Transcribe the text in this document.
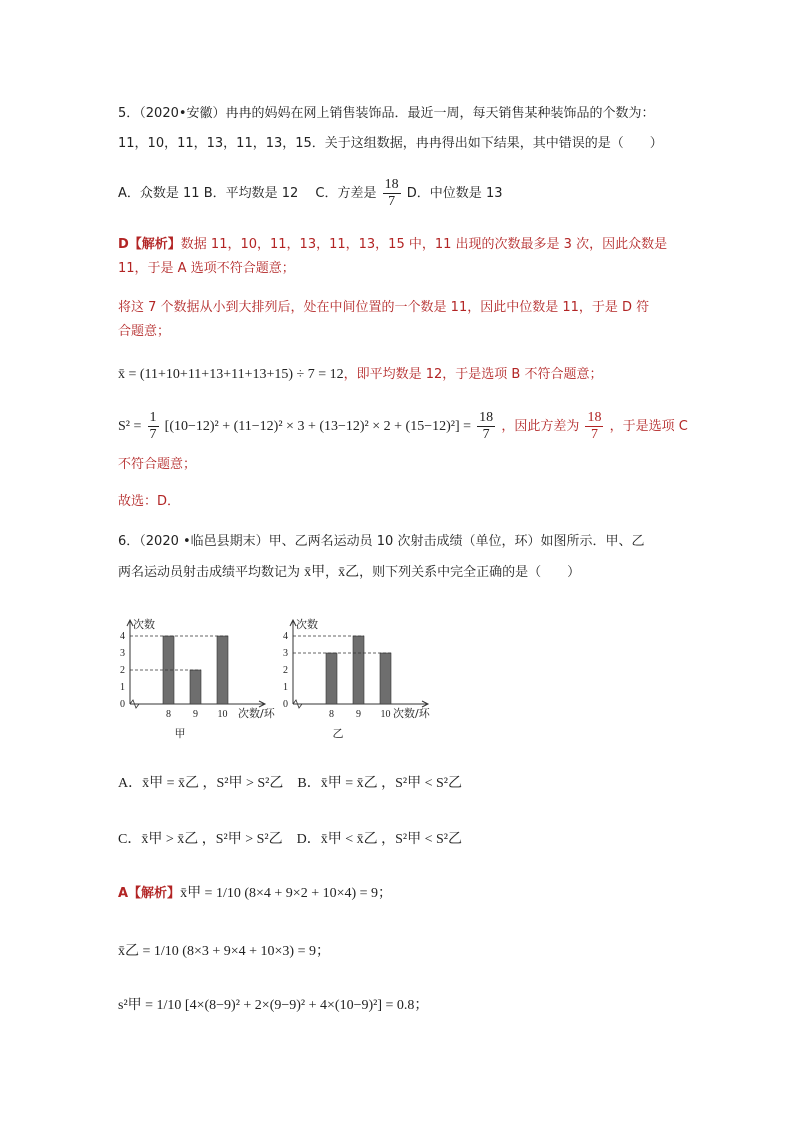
5．（2020•安徽）冉冉的妈妈在网上销售装饰品．最近一周，每天销售某种装饰品的个数为：
11，10，11，13，11，13，15．关于这组数据，冉冉得出如下结果，其中错误的是（　　）
A．众数是 11 B．平均数是 12　 C．方差是 $\frac{18}{7}$ D．中位数是 13
D【解析】数据 11，10，11，13，11，13，15 中，11 出现的次数最多是 3 次，因此众数是
11，于是 A 选项不符合题意；
将这 7 个数据从小到大排列后，处在中间位置的一个数是 11，因此中位数是 11，于是 D 符
合题意；
x̄ = (11+10+11+13+11+13+15) ÷ 7 = 12，即平均数是 12，于是选项 B 不符合题意；
$S^2 = \frac{1}{7} [(10-12)^2 + (11-12)^2 \times 3 + (13-12)^2 \times 2 + (15-12)^2] = \frac{18}{7}$ ，因此方差为 $\frac{18}{7}$ ，于是选项 C
不符合题意；
故选：D．
6．（2020 •临邑县期末）甲、乙两名运动员 10 次射击成绩（单位，环）如图所示．甲、乙
两名运动员射击成绩平均数记为 x̄甲，x̄乙，则下列关系中完全正确的是（　　）
次数
0
1
2
3
4
8 9 10 次数/环
甲
次数
0
1
2
3
4
8 9 10 次数/环
乙
A．x̄甲 = x̄乙 ，S²甲 > S²乙　B．x̄甲 = x̄乙 ，S²甲 < S²乙
C．x̄甲 > x̄乙 ，S²甲 > S²乙　D．x̄甲 < x̄乙 ，S²甲 < S²乙
A【解析】x̄甲 = 1/10 (8×4 + 9×2 + 10×4) = 9；
x̄乙 = 1/10 (8×3 + 9×4 + 10×3) = 9；
s²甲 = 1/10 [4×(8−9)² + 2×(9−9)² + 4×(10−9)²] = 0.8；
